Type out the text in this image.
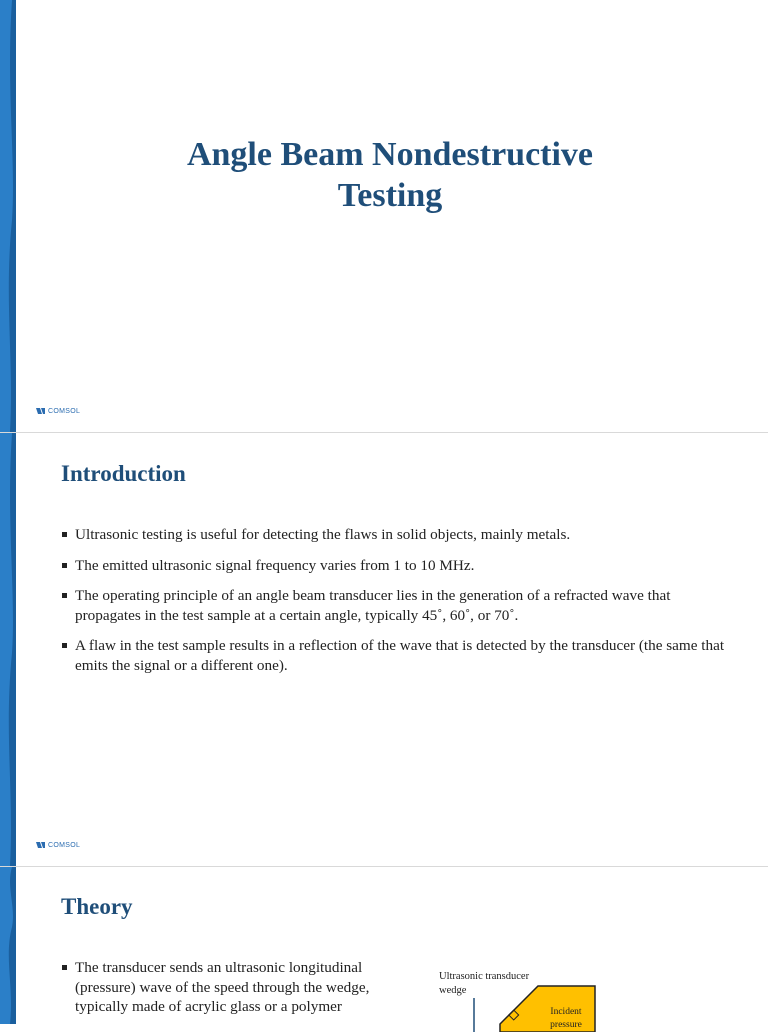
Angle Beam Nondestructive Testing
COMSOL
Introduction
Ultrasonic testing is useful for detecting the flaws in solid objects, mainly metals.
The emitted ultrasonic signal frequency varies from 1 to 10 MHz.
The operating principle of an angle beam transducer lies in the generation of a refracted wave that propagates in the test sample at a certain angle, typically 45˚, 60˚, or 70˚.
A flaw in the test sample results in a reflection of the wave that is detected by the transducer (the same that emits the signal or a different one).
COMSOL
Theory
The transducer sends an ultrasonic longitudinal (pressure) wave of the speed through the wedge, typically made of acrylic glass or a polymer
Ultrasonic transducer wedge
Incident pressure
